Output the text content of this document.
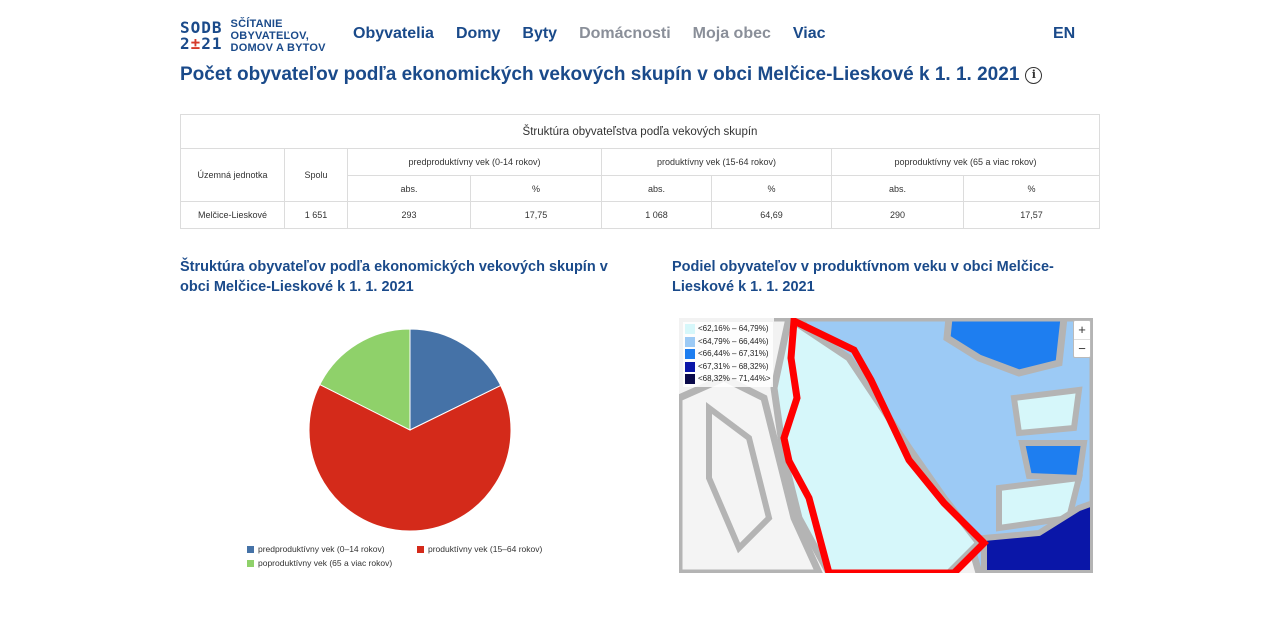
SODB
2±21
SČÍTANIE
OBYVATEĽOV,
DOMOV A BYTOV
Obyvatelia Domy Byty Domácnosti Moja obec Viac	EN
Počet obyvateľov podľa ekonomických vekových skupín v obci Melčice-Lieskové k 1. 1. 2021	i
Štruktúra obyvateľstva podľa vekových skupín							
Územná jednotka	Spolu	predproduktívny vek (0-14 rokov)		produktívny vek (15-64 rokov)		poproduktívny vek (65 a viac rokov)	
		abs.	%	abs.	%	abs.	%
Melčice-Lieskové	1 651	293	17,75	1 068	64,69	290	17,57
Štruktúra obyvateľov podľa ekonomických vekových skupín v obci Melčice-Lieskové k 1. 1. 2021
predproduktívny vek (0–14 rokov)	produktívny vek (15–64 rokov)
poproduktívny vek (65 a viac rokov)
Podiel obyvateľov v produktívnom veku v obci Melčice-Lieskové k 1. 1. 2021
<62,16% – 64,79%)
<64,79% – 66,44%)
<66,44% – 67,31%)
<67,31% – 68,32%)
<68,32% – 71,44%>
+
−
